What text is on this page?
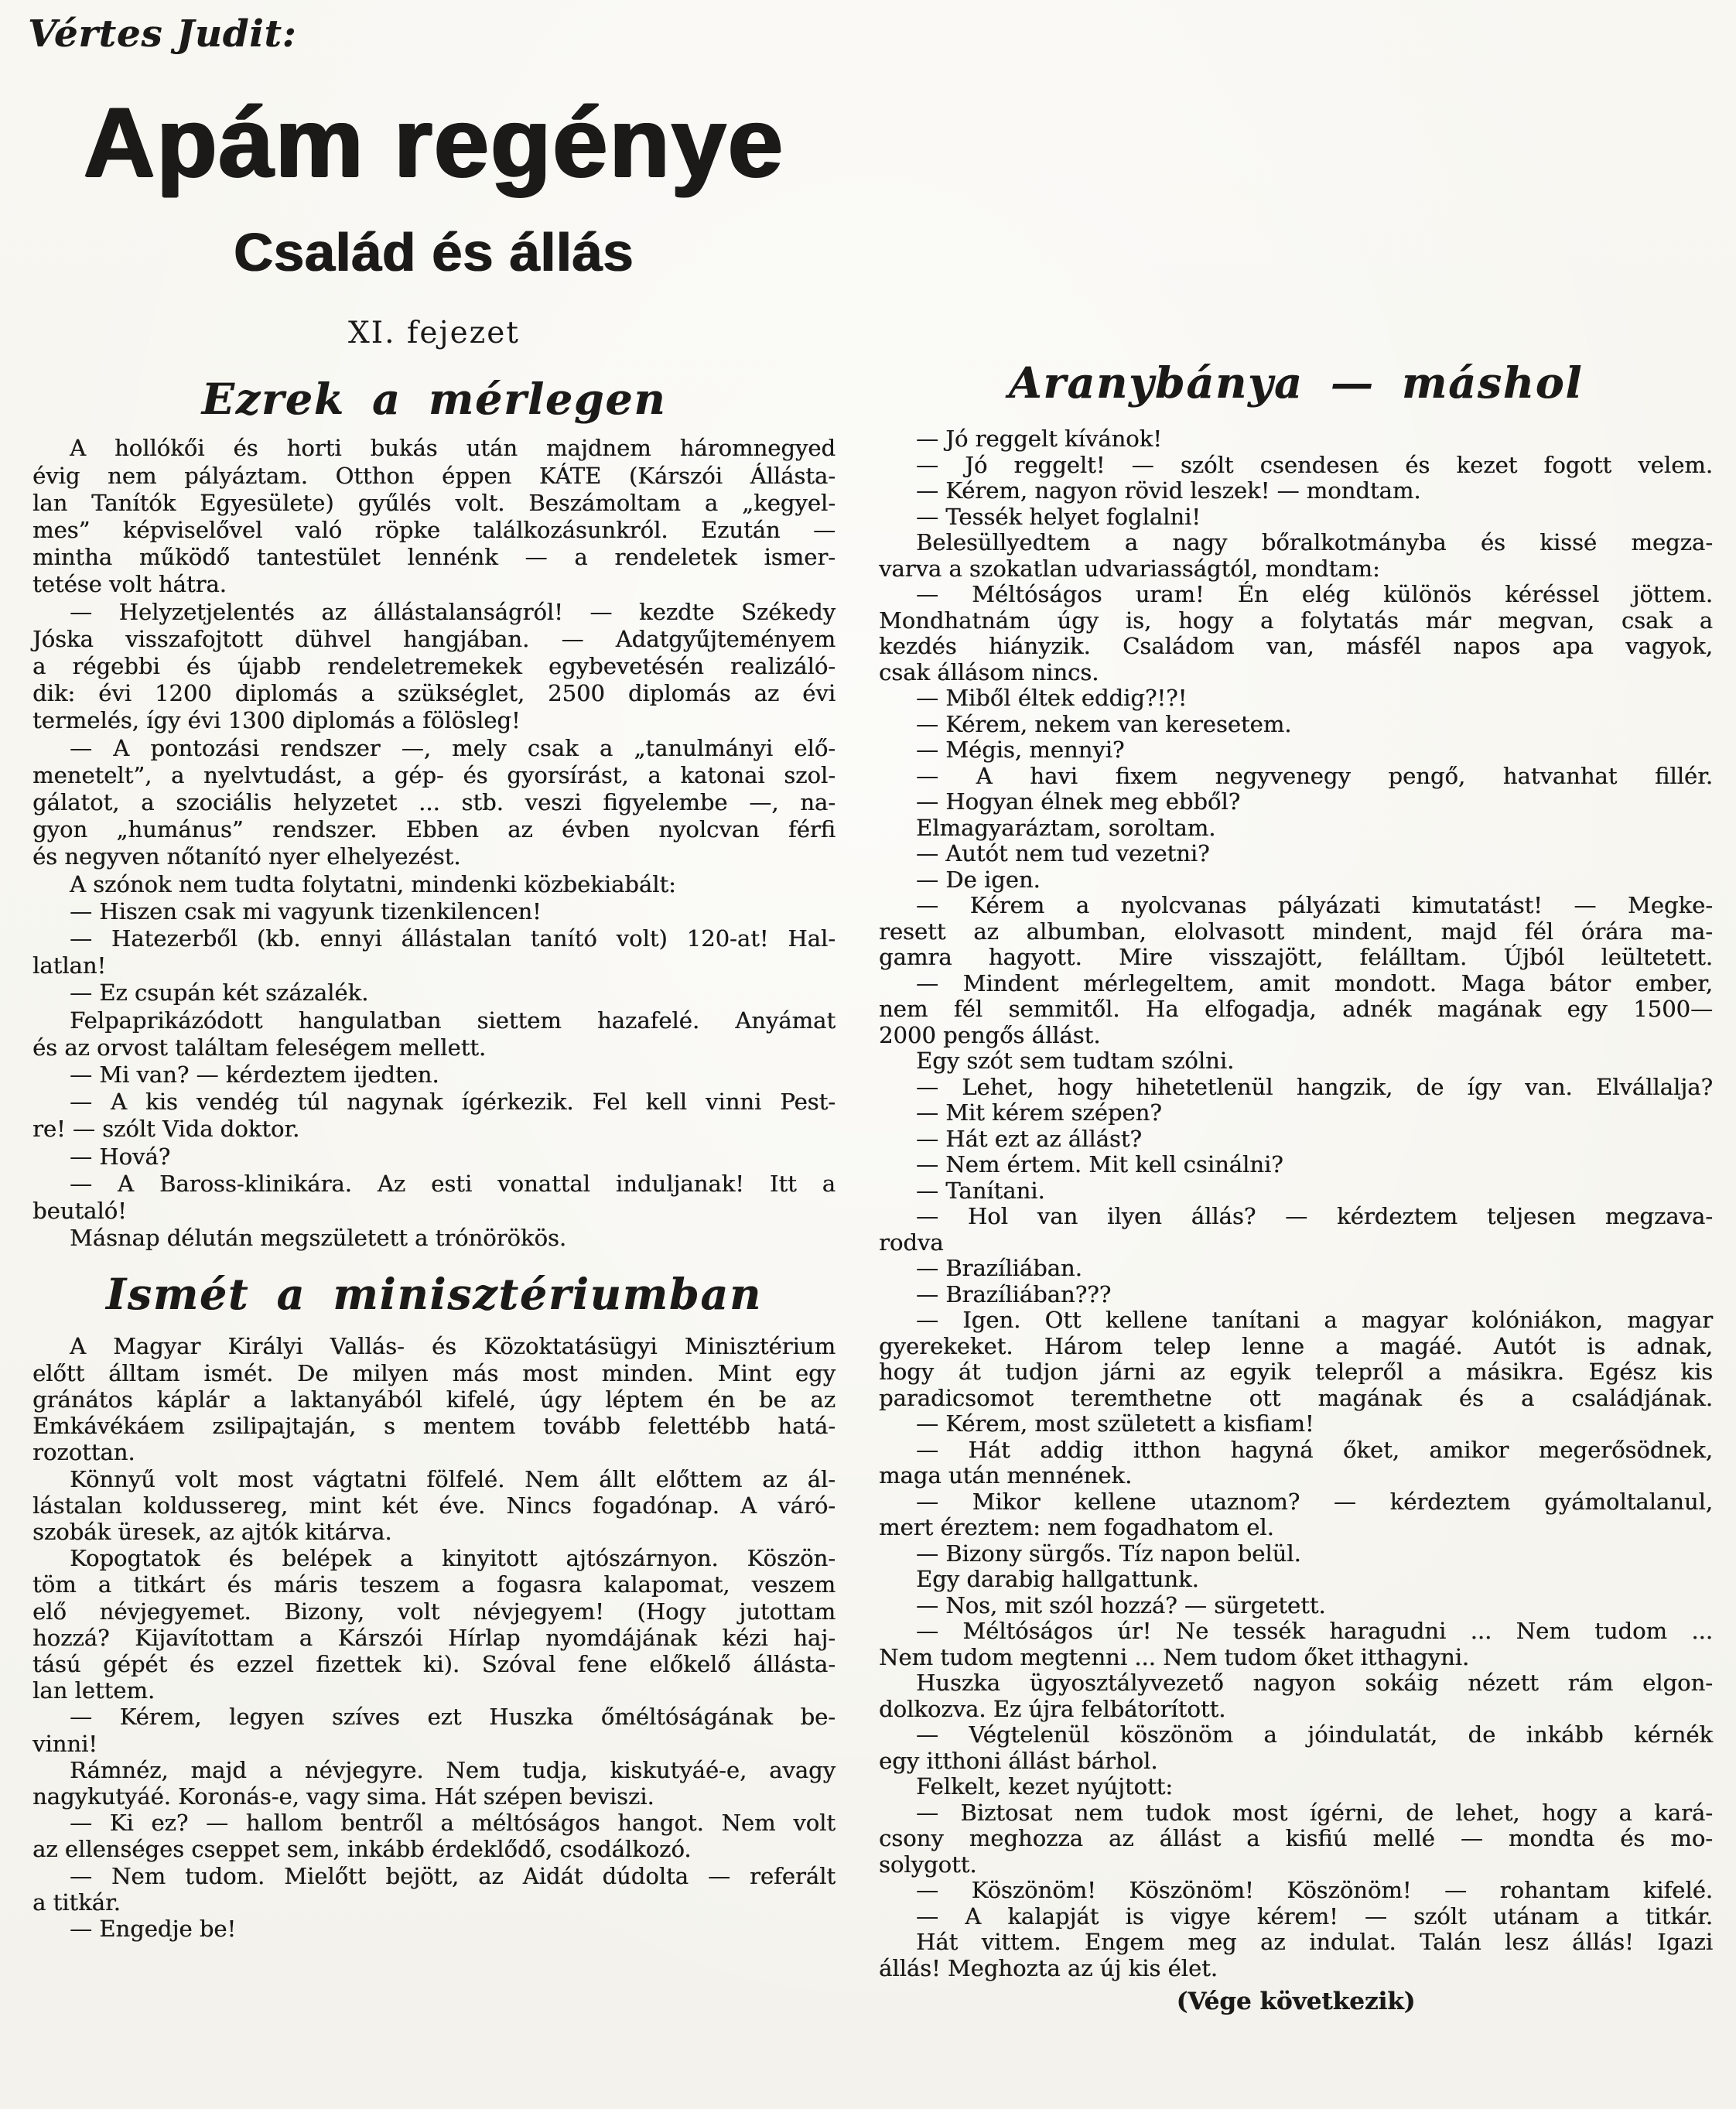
Vértes Judit:
Apám regénye
Család és állás
XI. fejezet
Ezrek a mérlegen
A hollókői és horti bukás után majdnem háromnegyed
évig nem pályáztam. Otthon éppen KÁTE (Kárszói Állásta-
lan Tanítók Egyesülete) gyűlés volt. Beszámoltam a „kegyel-
mes” képviselővel való röpke találkozásunkról. Ezután —
mintha működő tantestület lennénk — a rendeletek ismer-
tetése volt hátra.
— Helyzetjelentés az állástalanságról! — kezdte Székedy
Jóska visszafojtott dühvel hangjában. — Adatgyűjteményem
a régebbi és újabb rendeletremekek egybevetésén realizáló-
dik: évi 1200 diplomás a szükséglet, 2500 diplomás az évi
termelés, így évi 1300 diplomás a fölösleg!
— A pontozási rendszer —, mely csak a „tanulmányi elő-
menetelt”, a nyelvtudást, a gép- és gyorsírást, a katonai szol-
gálatot, a szociális helyzetet ... stb. veszi figyelembe —, na-
gyon „humánus” rendszer. Ebben az évben nyolcvan férfi
és negyven nőtanító nyer elhelyezést.
A szónok nem tudta folytatni, mindenki közbekiabált:
— Hiszen csak mi vagyunk tizenkilencen!
— Hatezerből (kb. ennyi állástalan tanító volt) 120-at! Hal-
latlan!
— Ez csupán két százalék.
Felpaprikázódott hangulatban siettem hazafelé. Anyámat
és az orvost találtam feleségem mellett.
— Mi van? — kérdeztem ijedten.
— A kis vendég túl nagynak ígérkezik. Fel kell vinni Pest-
re! — szólt Vida doktor.
— Hová?
— A Baross-klinikára. Az esti vonattal induljanak! Itt a
beutaló!
Másnap délután megszületett a trónörökös.
Ismét a minisztériumban
A Magyar Királyi Vallás- és Közoktatásügyi Minisztérium
előtt álltam ismét. De milyen más most minden. Mint egy
gránátos káplár a laktanyából kifelé, úgy léptem én be az
Emkávékáem zsilipajtaján, s mentem tovább felettébb hatá-
rozottan.
Könnyű volt most vágtatni fölfelé. Nem állt előttem az ál-
lástalan koldussereg, mint két éve. Nincs fogadónap. A váró-
szobák üresek, az ajtók kitárva.
Kopogtatok és belépek a kinyitott ajtószárnyon. Köszön-
töm a titkárt és máris teszem a fogasra kalapomat, veszem
elő névjegyemet. Bizony, volt névjegyem! (Hogy jutottam
hozzá? Kijavítottam a Kárszói Hírlap nyomdájának kézi haj-
tású gépét és ezzel fizettek ki). Szóval fene előkelő állásta-
lan lettem.
— Kérem, legyen szíves ezt Huszka őméltóságának be-
vinni!
Rámnéz, majd a névjegyre. Nem tudja, kiskutyáé-e, avagy
nagykutyáé. Koronás-e, vagy sima. Hát szépen beviszi.
— Ki ez? — hallom bentről a méltóságos hangot. Nem volt
az ellenséges cseppet sem, inkább érdeklődő, csodálkozó.
— Nem tudom. Mielőtt bejött, az Aidát dúdolta — referált
a titkár.
— Engedje be!
Aranybánya — máshol
— Jó reggelt kívánok!
— Jó reggelt! — szólt csendesen és kezet fogott velem.
— Kérem, nagyon rövid leszek! — mondtam.
— Tessék helyet foglalni!
Belesüllyedtem a nagy bőralkotmányba és kissé megza-
varva a szokatlan udvariasságtól, mondtam:
— Méltóságos uram! Én elég különös kéréssel jöttem.
Mondhatnám úgy is, hogy a folytatás már megvan, csak a
kezdés hiányzik. Családom van, másfél napos apa vagyok,
csak állásom nincs.
— Miből éltek eddig?!?!
— Kérem, nekem van keresetem.
— Mégis, mennyi?
— A havi fixem negyvenegy pengő, hatvanhat fillér.
— Hogyan élnek meg ebből?
Elmagyaráztam, soroltam.
— Autót nem tud vezetni?
— De igen.
— Kérem a nyolcvanas pályázati kimutatást! — Megke-
resett az albumban, elolvasott mindent, majd fél órára ma-
gamra hagyott. Mire visszajött, felálltam. Újból leültetett.
— Mindent mérlegeltem, amit mondott. Maga bátor ember,
nem fél semmitől. Ha elfogadja, adnék magának egy 1500—
2000 pengős állást.
Egy szót sem tudtam szólni.
— Lehet, hogy hihetetlenül hangzik, de így van. Elvállalja?
— Mit kérem szépen?
— Hát ezt az állást?
— Nem értem. Mit kell csinálni?
— Tanítani.
— Hol van ilyen állás? — kérdeztem teljesen megzava-
rodva
— Brazíliában.
— Brazíliában???
— Igen. Ott kellene tanítani a magyar kolóniákon, magyar
gyerekeket. Három telep lenne a magáé. Autót is adnak,
hogy át tudjon járni az egyik telepről a másikra. Egész kis
paradicsomot teremthetne ott magának és a családjának.
— Kérem, most született a kisfiam!
— Hát addig itthon hagyná őket, amikor megerősödnek,
maga után mennének.
— Mikor kellene utaznom? — kérdeztem gyámoltalanul,
mert éreztem: nem fogadhatom el.
— Bizony sürgős. Tíz napon belül.
Egy darabig hallgattunk.
— Nos, mit szól hozzá? — sürgetett.
— Méltóságos úr! Ne tessék haragudni ... Nem tudom ...
Nem tudom megtenni ... Nem tudom őket itthagyni.
Huszka ügyosztályvezető nagyon sokáig nézett rám elgon-
dolkozva. Ez újra felbátorított.
— Végtelenül köszönöm a jóindulatát, de inkább kérnék
egy itthoni állást bárhol.
Felkelt, kezet nyújtott:
— Biztosat nem tudok most ígérni, de lehet, hogy a kará-
csony meghozza az állást a kisfiú mellé — mondta és mo-
solygott.
— Köszönöm! Köszönöm! Köszönöm! — rohantam kifelé.
— A kalapját is vigye kérem! — szólt utánam a titkár.
Hát vittem. Engem meg az indulat. Talán lesz állás! Igazi
állás! Meghozta az új kis élet.
(Vége következik)
